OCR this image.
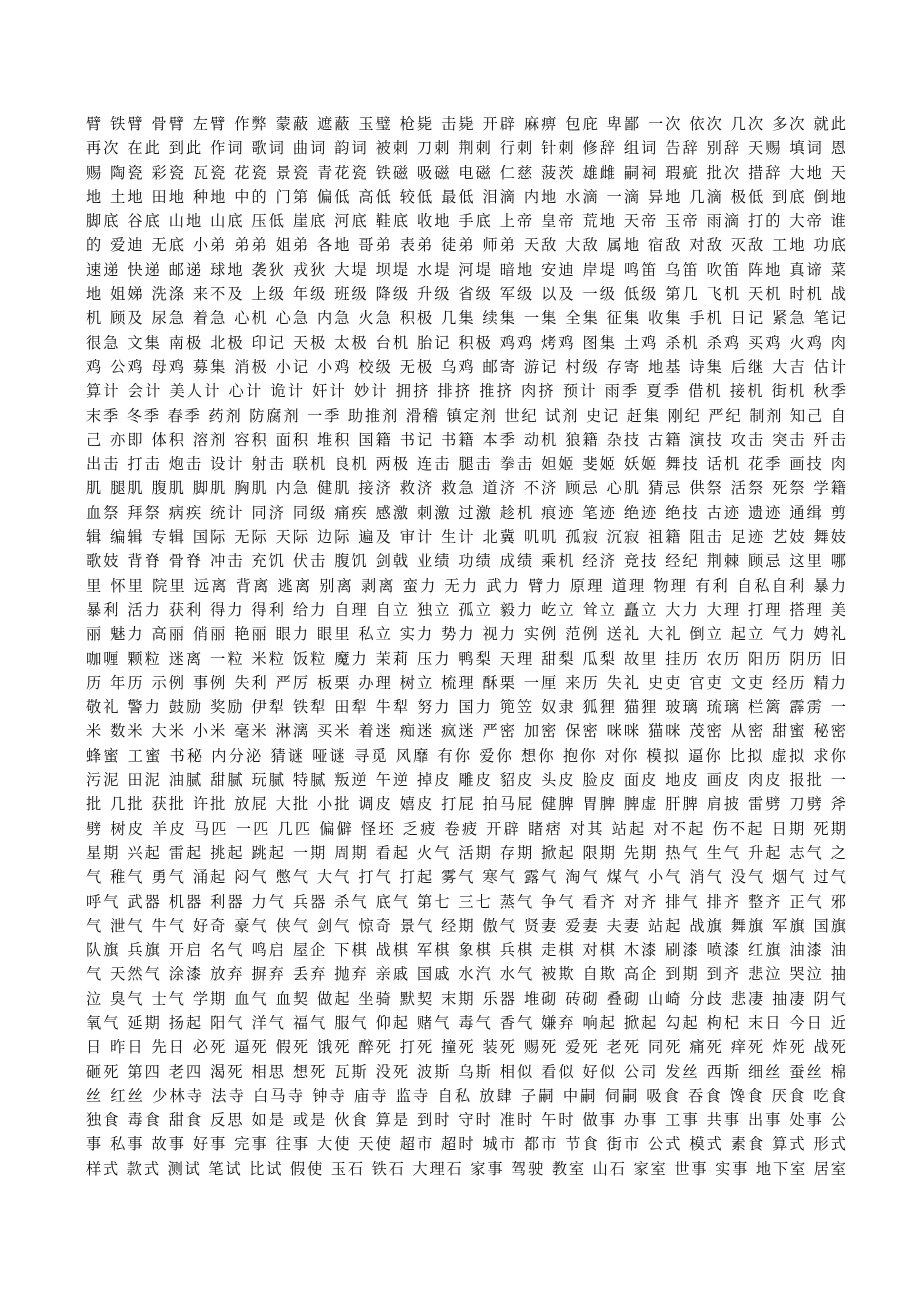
臂 铁臂 骨臂 左臂 作弊 蒙蔽 遮蔽 玉璧 枪毙 击毙 开辟 麻痹 包庇 卑鄙 一次 依次 几次 多次 就此
再次 在此 到此 作词 歌词 曲词 韵词 被刺 刀刺 荆刺 行刺 针刺 修辞 组词 告辞 别辞 天赐 填词 恩
赐 陶瓷 彩瓷 瓦瓷 花瓷 景瓷 青花瓷 铁磁 吸磁 电磁 仁慈 菠茨 雄雌 嗣祠 瑕疵 批次 措辞 大地 天
地 土地 田地 种地 中的 门第 偏低 高低 较低 最低 泪滴 内地 水滴 一滴 异地 几滴 极低 到底 倒地
脚底 谷底 山地 山底 压低 崖底 河底 鞋底 收地 手底 上帝 皇帝 荒地 天帝 玉帝 雨滴 打的 大帝 谁
的 爱迪 无底 小弟 弟弟 姐弟 各地 哥弟 表弟 徒弟 师弟 天敌 大敌 属地 宿敌 对敌 灭敌 工地 功底
速递 快递 邮递 球地 袭狄 戎狄 大堤 坝堤 水堤 河堤 暗地 安迪 岸堤 鸣笛 乌笛 吹笛 阵地 真谛 菜
地 姐娣 洗涤 来不及 上级 年级 班级 降级 升级 省级 军级 以及 一级 低级 第几 飞机 天机 时机 战
机 顾及 尿急 着急 心机 心急 内急 火急 积极 几集 续集 一集 全集 征集 收集 手机 日记 紧急 笔记
很急 文集 南极 北极 印记 天极 太极 台机 胎记 积极 鸡鸡 烤鸡 图集 土鸡 杀机 杀鸡 买鸡 火鸡 肉
鸡 公鸡 母鸡 募集 消极 小记 小鸡 校级 无极 乌鸡 邮寄 游记 村级 存寄 地基 诗集 后继 大吉 估计
算计 会计 美人计 心计 诡计 奸计 妙计 拥挤 排挤 推挤 肉挤 预计 雨季 夏季 借机 接机 街机 秋季
末季 冬季 春季 药剂 防腐剂 一季 助推剂 滑稽 镇定剂 世纪 试剂 史记 赶集 刚纪 严纪 制剂 知己 自
己 亦即 体积 溶剂 容积 面积 堆积 国籍 书记 书籍 本季 动机 狼籍 杂技 古籍 演技 攻击 突击 歼击
出击 打击 炮击 设计 射击 联机 良机 两极 连击 腿击 拳击 妲姬 斐姬 妖姬 舞技 话机 花季 画技 肉
肌 腿肌 腹肌 脚肌 胸肌 内急 健肌 接济 救济 救急 道济 不济 顾忌 心肌 猜忌 供祭 活祭 死祭 学籍
血祭 拜祭 病疾 统计 同济 同级 痛疾 感激 刺激 过激 趁机 痕迹 笔迹 绝迹 绝技 古迹 遗迹 通缉 剪
辑 编辑 专辑 国际 无际 天际 边际 遍及 审计 生计 北冀 叽叽 孤寂 沉寂 祖籍 阻击 足迹 艺妓 舞妓
歌妓 背脊 骨脊 冲击 充饥 伏击 腹饥 剑戟 业绩 功绩 成绩 乘机 经济 竞技 经纪 荆棘 顾忌 这里 哪
里 怀里 院里 远离 背离 逃离 别离 剥离 蛮力 无力 武力 臂力 原理 道理 物理 有利 自私自利 暴力
暴利 活力 获利 得力 得利 给力 自理 自立 独立 孤立 毅力 屹立 耸立 矗立 大力 大理 打理 搭理 美
丽 魅力 高丽 俏丽 艳丽 眼力 眼里 私立 实力 势力 视力 实例 范例 送礼 大礼 倒立 起立 气力 娉礼
咖喱 颗粒 迷离 一粒 米粒 饭粒 魔力 茉莉 压力 鸭梨 天理 甜梨 瓜梨 故里 挂历 农历 阳历 阴历 旧
历 年历 示例 事例 失利 严厉 板栗 办理 树立 梳理 酥栗 一厘 来历 失礼 史吏 官吏 文吏 经历 精力
敬礼 警力 鼓励 奖励 伊犁 铁犁 田犁 牛犁 努力 国力 篼笠 奴隶 狐狸 猫狸 玻璃 琉璃 栏篱 霹雳 一
米 数米 大米 小米 毫米 淋漓 买米 着迷 痴迷 疯迷 严密 加密 保密 咪咪 猫咪 茂密 从密 甜蜜 秘密
蜂蜜 工蜜 书秘 内分泌 猜谜 哑谜 寻觅 风靡 有你 爱你 想你 抱你 对你 模拟 逼你 比拟 虚拟 求你
污泥 田泥 油腻 甜腻 玩腻 特腻 叛逆 午逆 掉皮 雕皮 貂皮 头皮 脸皮 面皮 地皮 画皮 肉皮 报批 一
批 几批 获批 许批 放屁 大批 小批 调皮 嬉皮 打屁 拍马屁 健脾 胃脾 脾虚 肝脾 肩披 雷劈 刀劈 斧
劈 树皮 羊皮 马匹 一匹 几匹 偏僻 怪坯 乏疲 卷疲 开辟 睹痞 对其 站起 对不起 伤不起 日期 死期
星期 兴起 雷起 挑起 跳起 一期 周期 看起 火气 活期 存期 掀起 限期 先期 热气 生气 升起 志气 之
气 稚气 勇气 涌起 闷气 憋气 大气 打气 打起 雾气 寒气 露气 淘气 煤气 小气 消气 没气 烟气 过气
呼气 武器 机器 利器 力气 兵器 杀气 底气 第七 三七 蒸气 争气 看齐 对齐 排气 排齐 整齐 正气 邪
气 泄气 牛气 好奇 豪气 侠气 剑气 惊奇 景气 经期 傲气 贤妻 爱妻 夫妻 站起 战旗 舞旗 军旗 国旗
队旗 兵旗 开启 名气 鸣启 屋企 下棋 战棋 军棋 象棋 兵棋 走棋 对棋 木漆 刷漆 喷漆 红旗 油漆 油
气 天然气 涂漆 放弃 摒弃 丢弃 抛弃 亲戚 国戚 水汽 水气 被欺 自欺 高企 到期 到齐 悲泣 哭泣 抽
泣 臭气 士气 学期 血气 血契 做起 坐骑 默契 末期 乐器 堆砌 砖砌 叠砌 山崎 分歧 悲凄 抽凄 阴气
氧气 延期 扬起 阳气 洋气 福气 服气 仰起 赌气 毒气 香气 嫌弃 响起 掀起 勾起 枸杞 末日 今日 近
日 昨日 先日 必死 逼死 假死 饿死 醉死 打死 撞死 装死 赐死 爱死 老死 同死 痛死 痒死 炸死 战死
砸死 第四 老四 渴死 相思 想死 瓦斯 没死 波斯 乌斯 相似 看似 好似 公司 发丝 西斯 细丝 蚕丝 棉
丝 红丝 少林寺 法寺 白马寺 钟寺 庙寺 监寺 自私 放肆 子嗣 中嗣 伺嗣 吸食 吞食 馋食 厌食 吃食
独食 毒食 甜食 反思 如是 或是 伙食 算是 到时 守时 准时 午时 做事 办事 工事 共事 出事 处事 公
事 私事 故事 好事 完事 往事 大使 天使 超市 超时 城市 都市 节食 街市 公式 模式 素食 算式 形式
样式 款式 测试 笔试 比试 假使 玉石 铁石 大理石 家事 驾驶 教室 山石 家室 世事 实事 地下室 居室
